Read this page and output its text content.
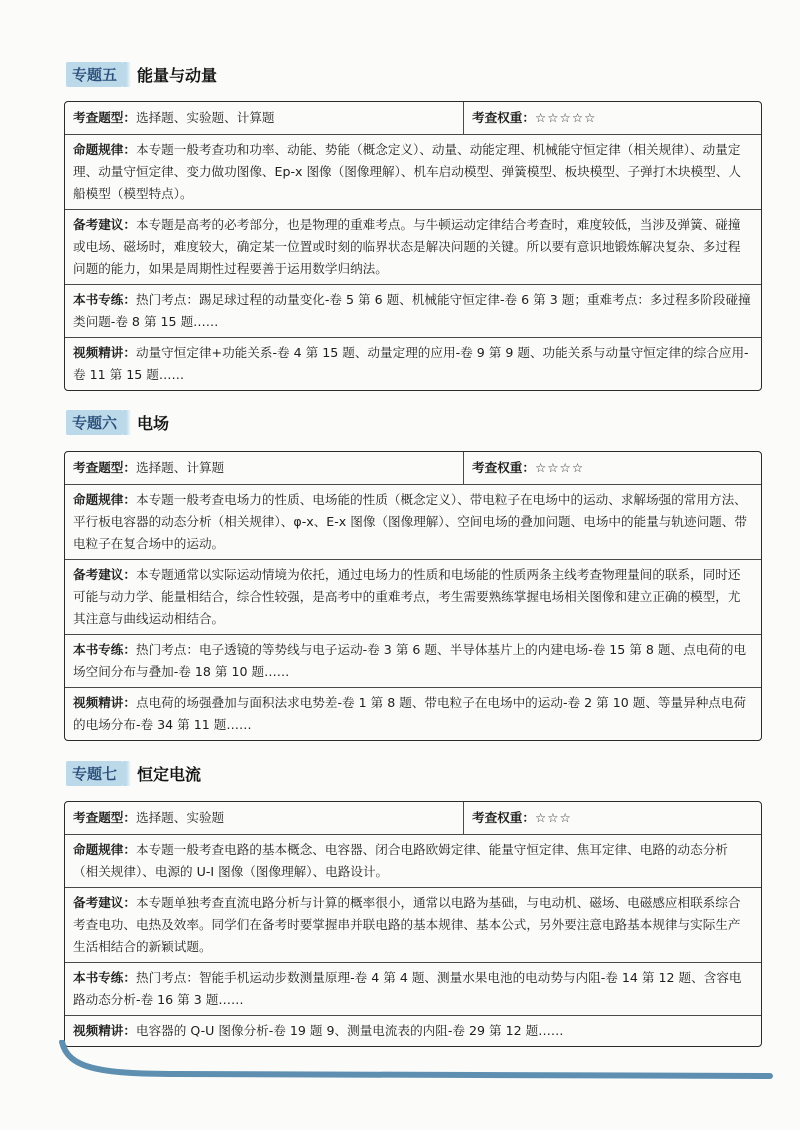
专题五	能量与动量
考查题型：选择题、实验题、计算题	考查权重：☆☆☆☆☆
命题规律：本专题一般考查功和功率、动能、势能（概念定义）、动量、动能定理、机械能守恒定律（相关规律）、动量定理、动量守恒定律、变力做功图像、Ep-x 图像（图像理解）、机车启动模型、弹簧模型、板块模型、子弹打木块模型、人船模型（模型特点）。
备考建议：本专题是高考的必考部分，也是物理的重难考点。与牛顿运动定律结合考查时，难度较低，当涉及弹簧、碰撞或电场、磁场时，难度较大，确定某一位置或时刻的临界状态是解决问题的关键。所以要有意识地锻炼解决复杂、多过程问题的能力，如果是周期性过程要善于运用数学归纳法。
本书专练：热门考点：踢足球过程的动量变化-卷 5 第 6 题、机械能守恒定律-卷 6 第 3 题；重难考点：多过程多阶段碰撞类问题-卷 8 第 15 题……
视频精讲：动量守恒定律+功能关系-卷 4 第 15 题、动量定理的应用-卷 9 第 9 题、功能关系与动量守恒定律的综合应用-卷 11 第 15 题……
专题六	电场
考查题型：选择题、计算题	考查权重：☆☆☆☆
命题规律：本专题一般考查电场力的性质、电场能的性质（概念定义）、带电粒子在电场中的运动、求解场强的常用方法、平行板电容器的动态分析（相关规律）、φ-x、E-x 图像（图像理解）、空间电场的叠加问题、电场中的能量与轨迹问题、带电粒子在复合场中的运动。
备考建议：本专题通常以实际运动情境为依托，通过电场力的性质和电场能的性质两条主线考查物理量间的联系，同时还可能与动力学、能量相结合，综合性较强，是高考中的重难考点，考生需要熟练掌握电场相关图像和建立正确的模型，尤其注意与曲线运动相结合。
本书专练：热门考点：电子透镜的等势线与电子运动-卷 3 第 6 题、半导体基片上的内建电场-卷 15 第 8 题、点电荷的电场空间分布与叠加-卷 18 第 10 题……
视频精讲：点电荷的场强叠加与面积法求电势差-卷 1 第 8 题、带电粒子在电场中的运动-卷 2 第 10 题、等量异种点电荷的电场分布-卷 34 第 11 题……
专题七	恒定电流
考查题型：选择题、实验题	考查权重：☆☆☆
命题规律：本专题一般考查电路的基本概念、电容器、闭合电路欧姆定律、能量守恒定律、焦耳定律、电路的动态分析（相关规律）、电源的 U-I 图像（图像理解）、电路设计。
备考建议：本专题单独考查直流电路分析与计算的概率很小，通常以电路为基础，与电动机、磁场、电磁感应相联系综合考查电功、电热及效率。同学们在备考时要掌握串并联电路的基本规律、基本公式，另外要注意电路基本规律与实际生产生活相结合的新颖试题。
本书专练：热门考点：智能手机运动步数测量原理-卷 4 第 4 题、测量水果电池的电动势与内阻-卷 14 第 12 题、含容电路动态分析-卷 16 第 3 题……
视频精讲：电容器的 Q-U 图像分析-卷 19 题 9、测量电流表的内阻-卷 29 第 12 题……
